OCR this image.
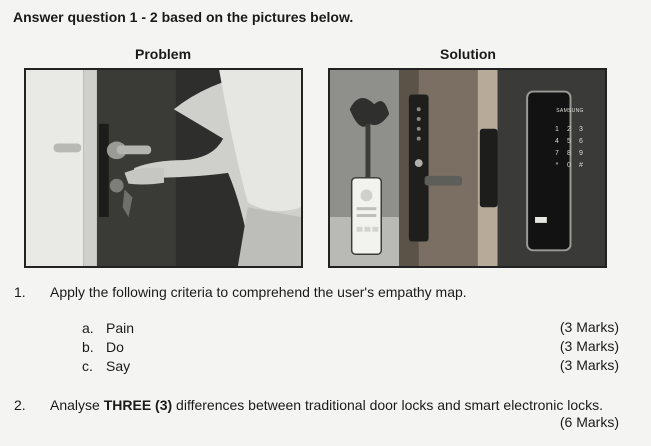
Answer question 1 - 2 based on the pictures below.
Problem	Solution
SAMSUNG
1	2	3
4	5	6
7	8	9
*	0	#
1. Apply the following criteria to comprehend the user's empathy map.
a. Pain	(3 Marks)
b. Do	(3 Marks)
c. Say	(3 Marks)
2. Analyse THREE (3) differences between traditional door locks and smart electronic locks.
(6 Marks)
